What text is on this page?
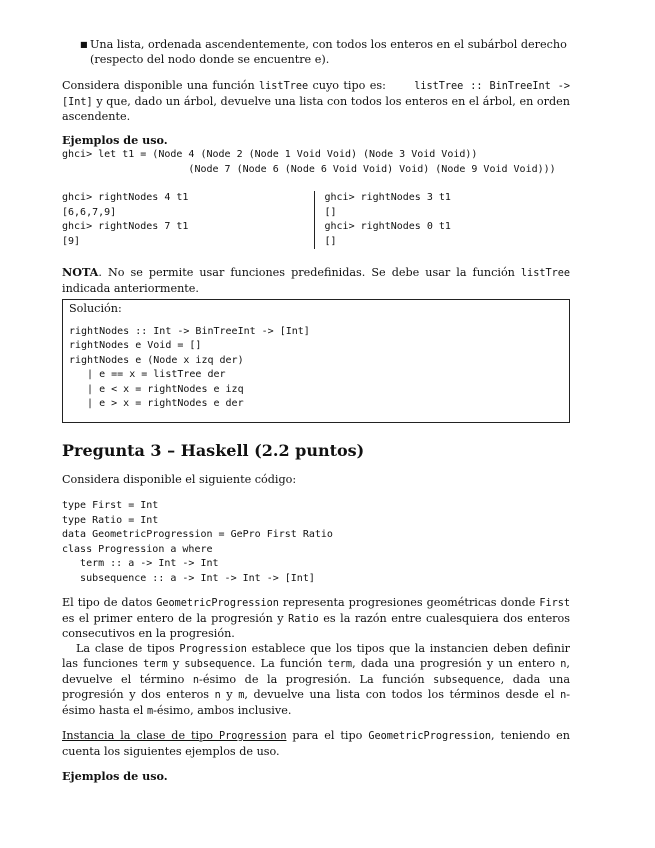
■ Una lista, ordenada ascendentemente, con todos los enteros en el subárbol derecho (respecto del nodo donde se encuentre e).

Considera disponible una función listTree cuyo tipo es:	listTree :: BinTreeInt -> [Int] y que, dado un árbol, devuelve una lista con todos los enteros en el árbol, en orden ascendente.

Ejemplos de uso.

ghci> let t1 = (Node 4 (Node 2 (Node 1 Void Void) (Node 3 Void Void))
(Node 7 (Node 6 (Node 6 Void Void) Void) (Node 9 Void Void)))
ghci> rightNodes 4 t1
[6,6,7,9]
ghci> rightNodes 7 t1
[9]
ghci> rightNodes 3 t1
[]
ghci> rightNodes 0 t1
[]

NOTA. No se permite usar funciones predefinidas. Se debe usar la función listTree indicada anteriormente.

Solución:

rightNodes :: Int -> BinTreeInt -> [Int]
rightNodes e Void = []
rightNodes e (Node x izq der)
| e == x = listTree der
| e < x = rightNodes e izq
| e > x = rightNodes e der
Pregunta 3 – Haskell (2.2 puntos)

Considera disponible el siguiente código:

type First = Int
type Ratio = Int
data GeometricProgression = GePro First Ratio
class Progression a where
term :: a -> Int -> Int
subsequence :: a -> Int -> Int -> [Int]

El tipo de datos GeometricProgression representa progresiones geométricas donde First es el primer entero de la progresión y Ratio es la razón entre cualesquiera dos enteros consecutivos en la progresión.

La clase de tipos Progression establece que los tipos que la instancien deben definir las funciones term y subsequence. La función term, dada una progresión y un entero n, devuelve el término n-ésimo de la progresión. La función subsequence, dada una progresión y dos enteros n y m, devuelve una lista con todos los términos desde el n-ésimo hasta el m-ésimo, ambos inclusive.

Instancia la clase de tipo Progression para el tipo GeometricProgression, teniendo en cuenta los siguientes ejemplos de uso.

Ejemplos de uso.
